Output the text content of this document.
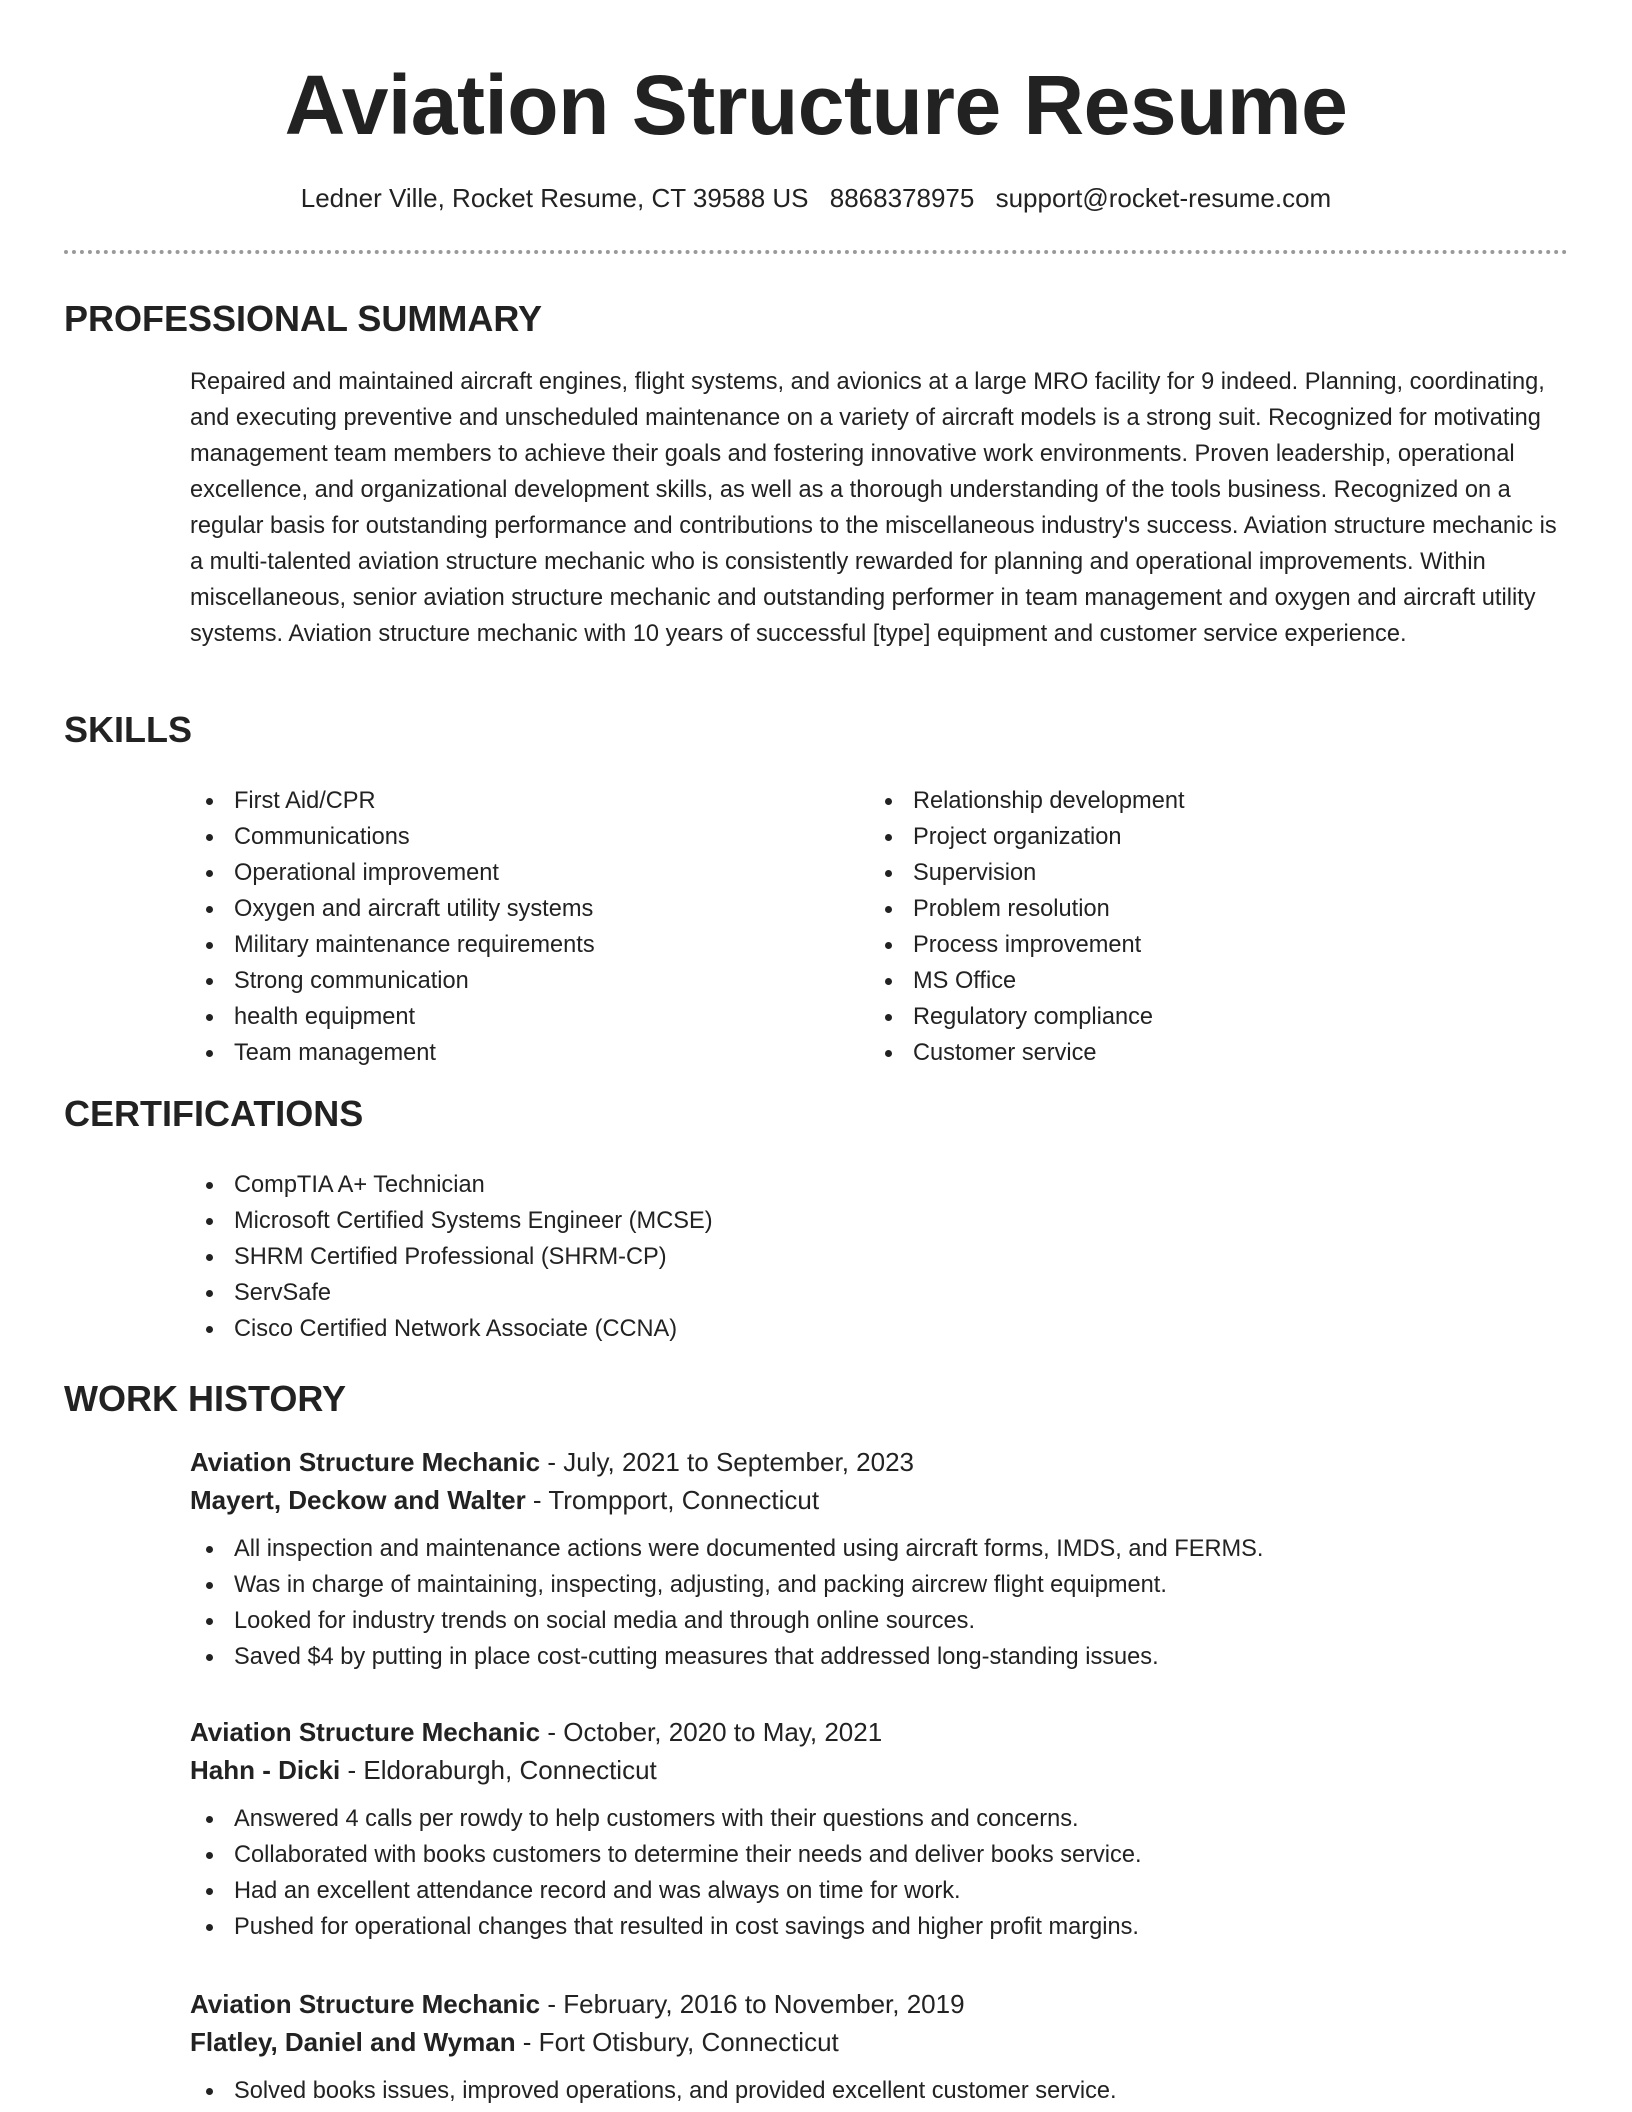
Aviation Structure Resume
Ledner Ville, Rocket Resume, CT 39588 US 8868378975 support@rocket-resume.com
PROFESSIONAL SUMMARY

Repaired and maintained aircraft engines, flight systems, and avionics at a large MRO facility for 9 indeed. Planning, coordinating, and executing preventive and unscheduled maintenance on a variety of aircraft models is a strong suit. Recognized for motivating management team members to achieve their goals and fostering innovative work environments. Proven leadership, operational excellence, and organizational development skills, as well as a thorough understanding of the tools business. Recognized on a regular basis for outstanding performance and contributions to the miscellaneous industry's success. Aviation structure mechanic is a multi-talented aviation structure mechanic who is consistently rewarded for planning and operational improvements. Within miscellaneous, senior aviation structure mechanic and outstanding performer in team management and oxygen and aircraft utility systems. Aviation structure mechanic with 10 years of successful [type] equipment and customer service experience.

SKILLS
First Aid/CPR
Communications
Operational improvement
Oxygen and aircraft utility systems
Military maintenance requirements
Strong communication
health equipment
Team management
Relationship development
Project organization
Supervision
Problem resolution
Process improvement
MS Office
Regulatory compliance
Customer service
CERTIFICATIONS
CompTIA A+ Technician
Microsoft Certified Systems Engineer (MCSE)
SHRM Certified Professional (SHRM-CP)
ServSafe
Cisco Certified Network Associate (CCNA)
WORK HISTORY
Aviation Structure Mechanic - July, 2021 to September, 2023
Mayert, Deckow and Walter - Trompport, Connecticut
All inspection and maintenance actions were documented using aircraft forms, IMDS, and FERMS.
Was in charge of maintaining, inspecting, adjusting, and packing aircrew flight equipment.
Looked for industry trends on social media and through online sources.
Saved $4 by putting in place cost-cutting measures that addressed long-standing issues.
Aviation Structure Mechanic - October, 2020 to May, 2021
Hahn - Dicki - Eldoraburgh, Connecticut
Answered 4 calls per rowdy to help customers with their questions and concerns.
Collaborated with books customers to determine their needs and deliver books service.
Had an excellent attendance record and was always on time for work.
Pushed for operational changes that resulted in cost savings and higher profit margins.
Aviation Structure Mechanic - February, 2016 to November, 2019
Flatley, Daniel and Wyman - Fort Otisbury, Connecticut
Solved books issues, improved operations, and provided excellent customer service.
